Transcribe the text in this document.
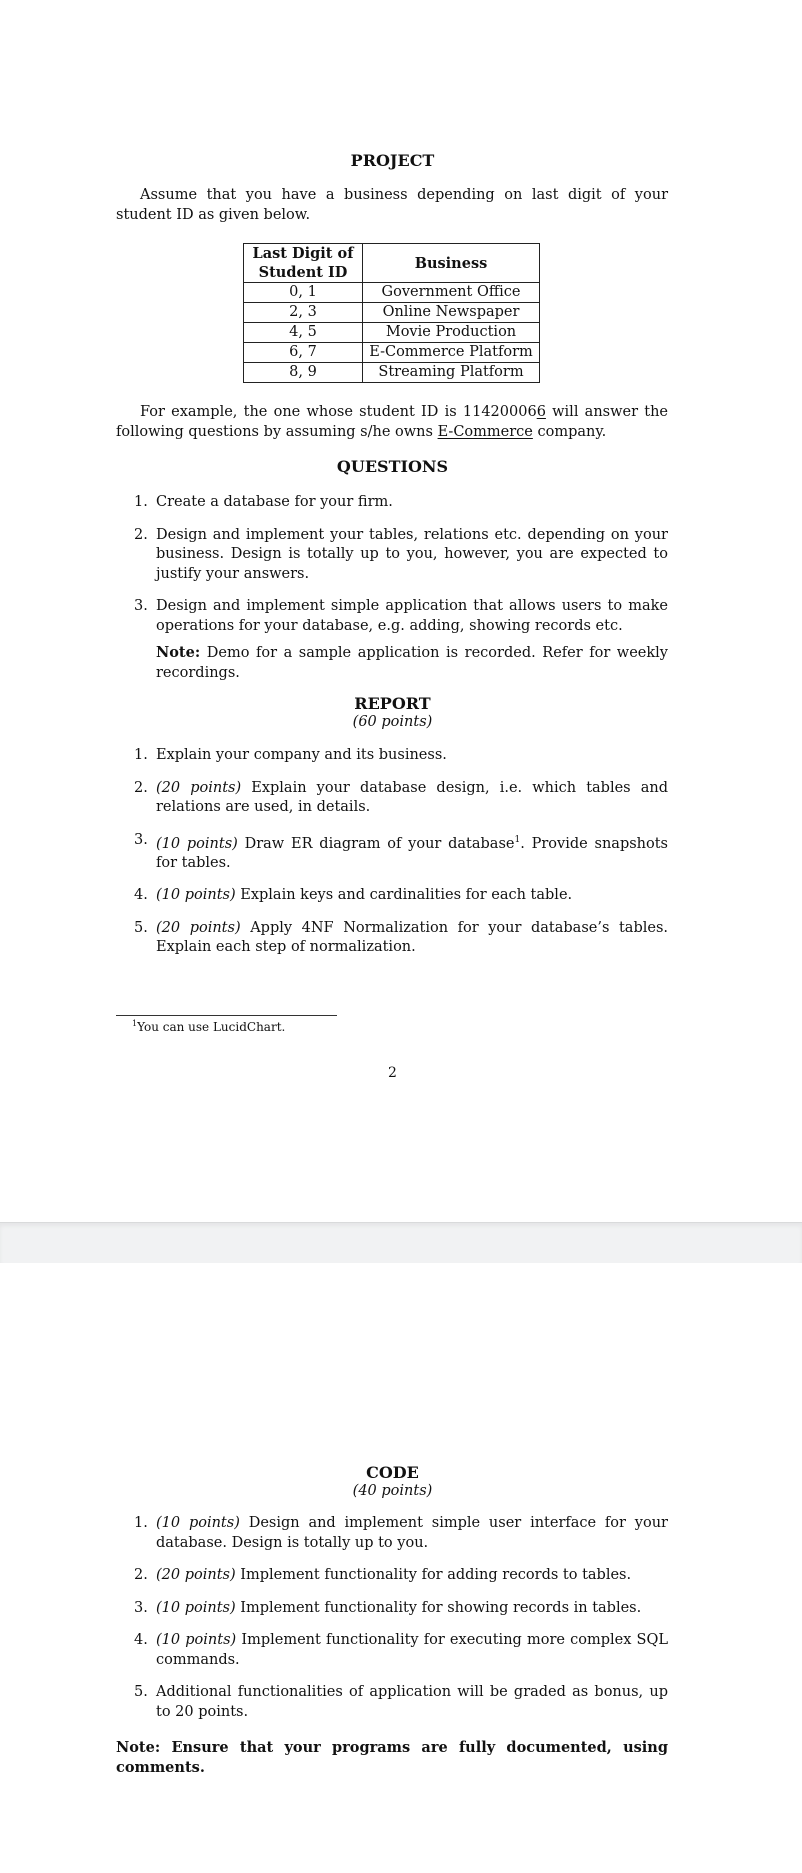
PROJECT
Assume that you have a business depending on last digit of your student ID as given below.
Last Digit of Student ID	Business
0, 1	Government Office
2, 3	Online Newspaper
4, 5	Movie Production
6, 7	E-Commerce Platform
8, 9	Streaming Platform
For example, the one whose student ID is 114200066 will answer the following questions by assuming s/he owns E-Commerce company.
QUESTIONS
1. Create a database for your firm.
2. Design and implement your tables, relations etc. depending on your business. Design is totally up to you, however, you are expected to justify your answers.
3. Design and implement simple application that allows users to make operations for your database, e.g. adding, showing records etc.
Note: Demo for a sample application is recorded. Refer for weekly recordings.
REPORT
(60 points)
1. Explain your company and its business.
2. (20 points) Explain your database design, i.e. which tables and relations are used, in details.
3. (10 points) Draw ER diagram of your database$^1$. Provide snapshots for tables.
4. (10 points) Explain keys and cardinalities for each table.
5. (20 points) Apply 4NF Normalization for your database’s tables. Explain each step of normalization.
$^1$You can use LucidChart.
2
CODE
(40 points)
1. (10 points) Design and implement simple user interface for your database. Design is totally up to you.
2. (20 points) Implement functionality for adding records to tables.
3. (10 points) Implement functionality for showing records in tables.
4. (10 points) Implement functionality for executing more complex SQL commands.
5. Additional functionalities of application will be graded as bonus, up to 20 points.
Note: Ensure that your programs are fully documented, using comments.
